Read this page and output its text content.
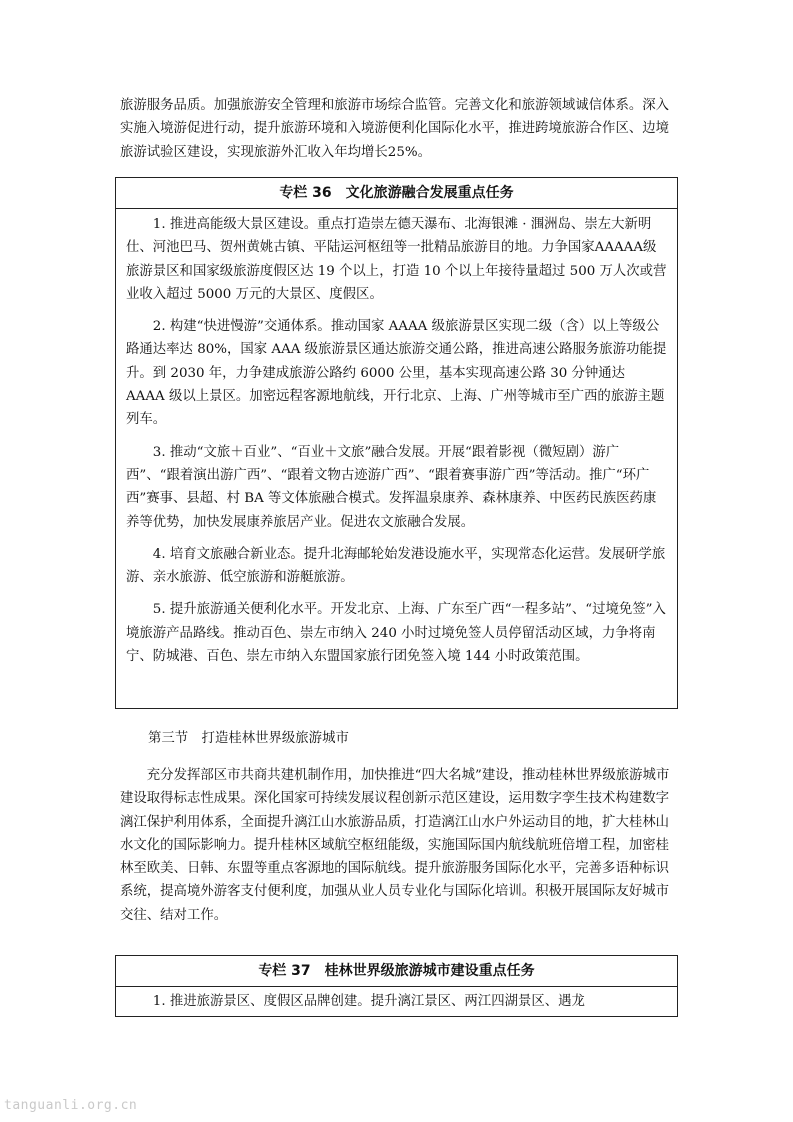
旅游服务品质。加强旅游安全管理和旅游市场综合监管。完善文化和旅游领域诚信体系。深入实施入境游促进行动，提升旅游环境和入境游便利化国际化水平，推进跨境旅游合作区、边境旅游试验区建设，实现旅游外汇收入年均增长25%。

专栏 36　文化旅游融合发展重点任务

1. 推进高能级大景区建设。重点打造崇左德天瀑布、北海银滩 · 涠洲岛、崇左大新明仕、河池巴马、贺州黄姚古镇、平陆运河枢纽等一批精品旅游目的地。力争国家AAAAA级旅游景区和国家级旅游度假区达 19 个以上，打造 10 个以上年接待量超过 500 万人次或营业收入超过 5000 万元的大景区、度假区。

2. 构建“快进慢游”交通体系。推动国家 AAAA 级旅游景区实现二级（含）以上等级公路通达率达 80%，国家 AAA 级旅游景区通达旅游交通公路，推进高速公路服务旅游功能提升。到 2030 年，力争建成旅游公路约 6000 公里，基本实现高速公路 30 分钟通达 AAAA 级以上景区。加密远程客源地航线，开行北京、上海、广州等城市至广西的旅游主题列车。

3. 推动“文旅＋百业”、“百业＋文旅”融合发展。开展“跟着影视（微短剧）游广西”、“跟着演出游广西”、“跟着文物古迹游广西”、“跟着赛事游广西”等活动。推广“环广西”赛事、县超、村 BA 等文体旅融合模式。发挥温泉康养、森林康养、中医药民族医药康养等优势，加快发展康养旅居产业。促进农文旅融合发展。

4. 培育文旅融合新业态。提升北海邮轮始发港设施水平，实现常态化运营。发展研学旅游、亲水旅游、低空旅游和游艇旅游。

5. 提升旅游通关便利化水平。开发北京、上海、广东至广西“一程多站”、“过境免签”入境旅游产品路线。推动百色、崇左市纳入 240 小时过境免签人员停留活动区域，力争将南宁、防城港、百色、崇左市纳入东盟国家旅行团免签入境 144 小时政策范围。

第三节　打造桂林世界级旅游城市

充分发挥部区市共商共建机制作用，加快推进“四大名城”建设，推动桂林世界级旅游城市建设取得标志性成果。深化国家可持续发展议程创新示范区建设，运用数字孪生技术构建数字漓江保护利用体系，全面提升漓江山水旅游品质，打造漓江山水户外运动目的地，扩大桂林山水文化的国际影响力。提升桂林区域航空枢纽能级，实施国际国内航线航班倍增工程，加密桂林至欧美、日韩、东盟等重点客源地的国际航线。提升旅游服务国际化水平，完善多语种标识系统，提高境外游客支付便利度，加强从业人员专业化与国际化培训。积极开展国际友好城市交往、结对工作。

专栏 37　桂林世界级旅游城市建设重点任务

1. 推进旅游景区、度假区品牌创建。提升漓江景区、两江四湖景区、遇龙

tanguanli.org.cn
